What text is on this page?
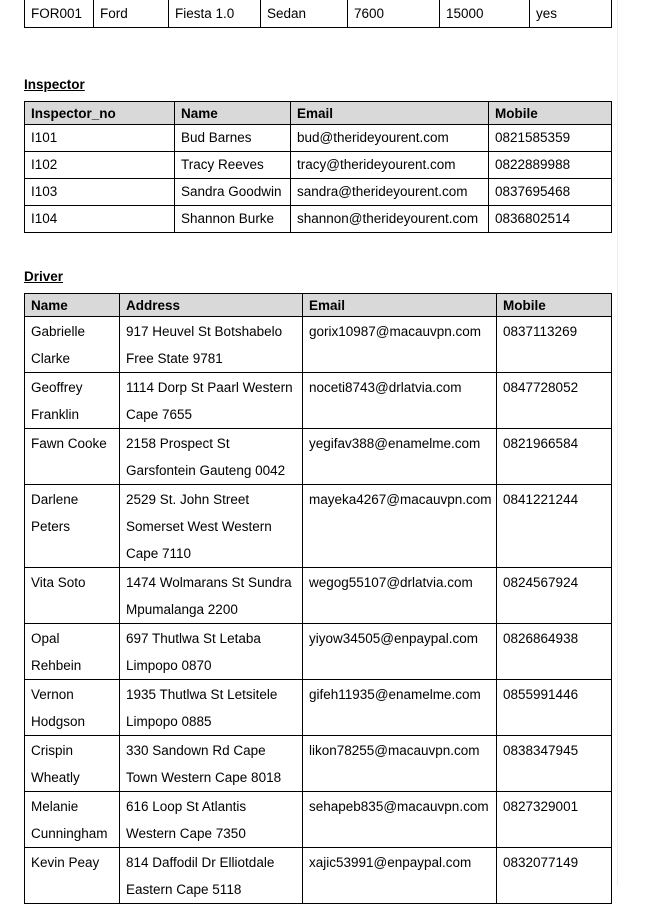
FOR001	Ford	Fiesta 1.0	Sedan	7600	15000	yes
Inspector
Inspector_no	Name	Email	Mobile
I101	Bud Barnes	bud@therideyourent.com	0821585359
I102	Tracy Reeves	tracy@therideyourent.com	0822889988
I103	Sandra Goodwin	sandra@therideyourent.com	0837695468
I104	Shannon Burke	shannon@therideyourent.com	0836802514
Driver
Name	Address	Email	Mobile
Gabrielle Clarke	917 Heuvel St Botshabelo Free State 9781	gorix10987@macauvpn.com	0837113269
Geoffrey Franklin	1114 Dorp St Paarl Western Cape 7655	noceti8743@drlatvia.com	0847728052
Fawn Cooke	2158 Prospect St Garsfontein Gauteng 0042	yegifav388@enamelme.com	0821966584
Darlene Peters	2529 St. John Street Somerset West Western Cape 7110	mayeka4267@macauvpn.com	0841221244
Vita Soto	1474 Wolmarans St Sundra Mpumalanga 2200	wegog55107@drlatvia.com	0824567924
Opal Rehbein	697 Thutlwa St Letaba Limpopo 0870	yiyow34505@enpaypal.com	0826864938
Vernon Hodgson	1935 Thutlwa St Letsitele Limpopo 0885	gifeh11935@enamelme.com	0855991446
Crispin Wheatly	330 Sandown Rd Cape Town Western Cape 8018	likon78255@macauvpn.com	0838347945
Melanie Cunningham	616 Loop St Atlantis Western Cape 7350	sehapeb835@macauvpn.com	0827329001
Kevin Peay	814 Daffodil Dr Elliotdale Eastern Cape 5118	xajic53991@enpaypal.com	0832077149
